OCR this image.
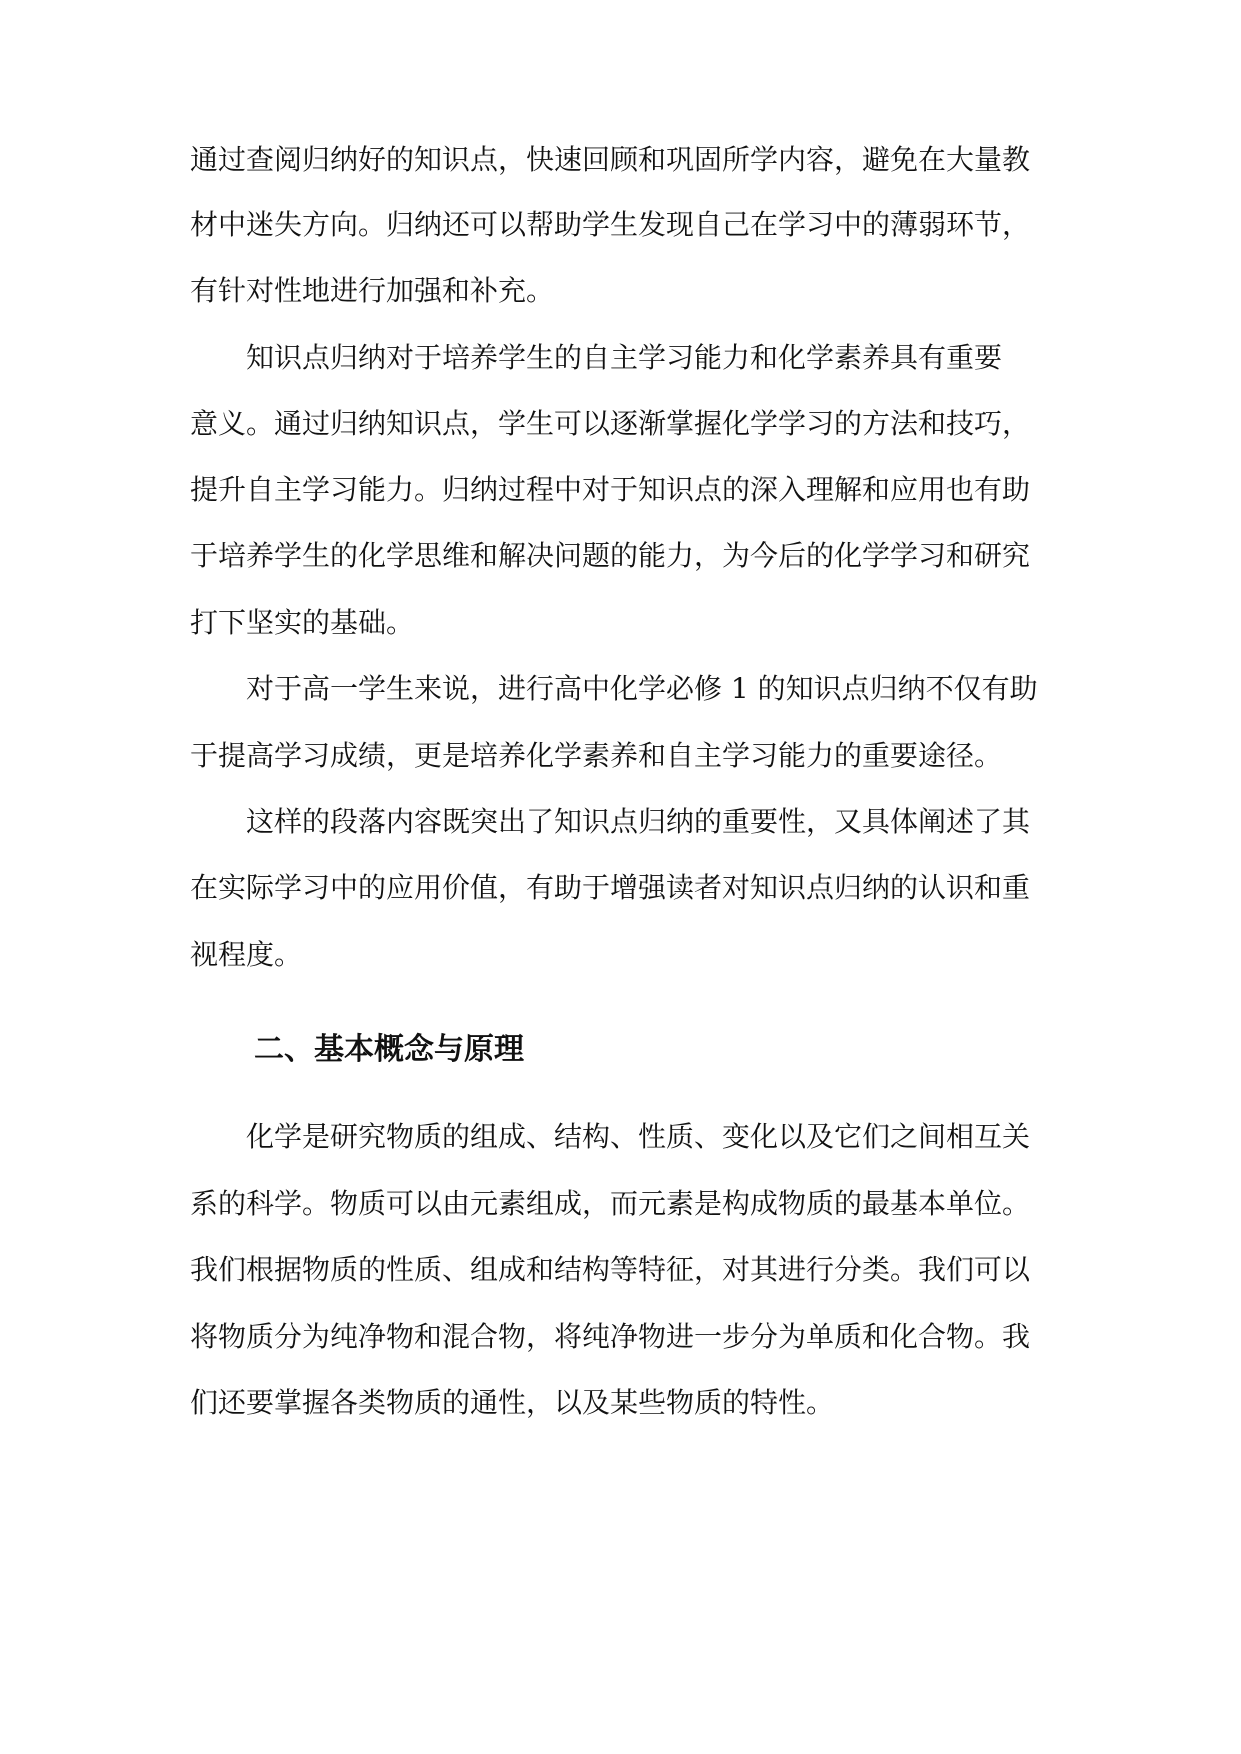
通过查阅归纳好的知识点，快速回顾和巩固所学内容，避免在大量教
材中迷失方向。归纳还可以帮助学生发现自己在学习中的薄弱环节，
有针对性地进行加强和补充。
知识点归纳对于培养学生的自主学习能力和化学素养具有重要
意义。通过归纳知识点，学生可以逐渐掌握化学学习的方法和技巧，
提升自主学习能力。归纳过程中对于知识点的深入理解和应用也有助
于培养学生的化学思维和解决问题的能力，为今后的化学学习和研究
打下坚实的基础。
对于高一学生来说，进行高中化学必修 1 的知识点归纳不仅有助
于提高学习成绩，更是培养化学素养和自主学习能力的重要途径。
这样的段落内容既突出了知识点归纳的重要性，又具体阐述了其
在实际学习中的应用价值，有助于增强读者对知识点归纳的认识和重
视程度。
二、基本概念与原理
化学是研究物质的组成、结构、性质、变化以及它们之间相互关
系的科学。物质可以由元素组成，而元素是构成物质的最基本单位。
我们根据物质的性质、组成和结构等特征，对其进行分类。我们可以
将物质分为纯净物和混合物，将纯净物进一步分为单质和化合物。我
们还要掌握各类物质的通性，以及某些物质的特性。
